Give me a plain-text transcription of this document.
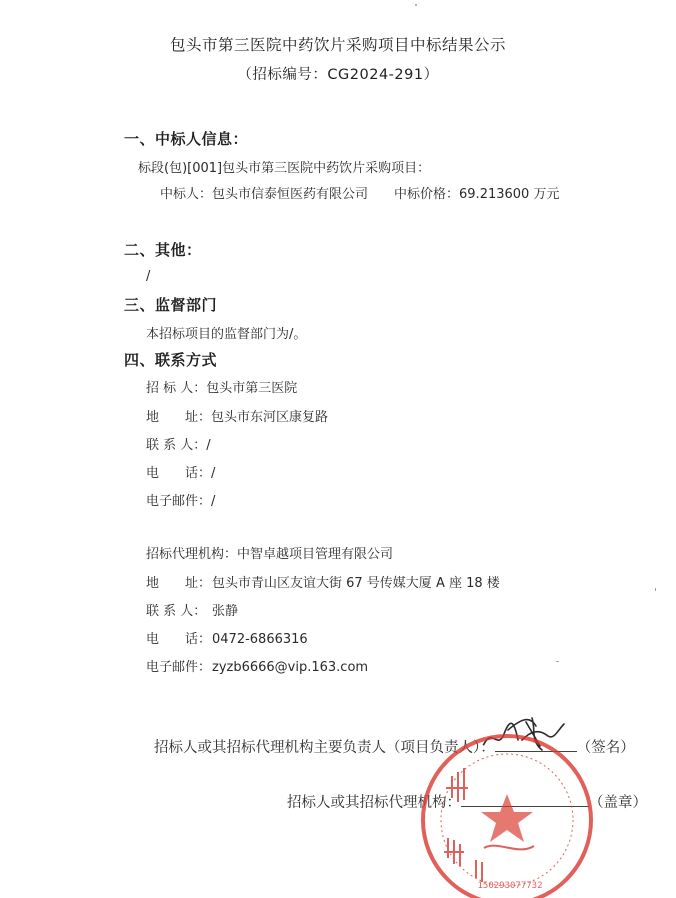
包头市第三医院中药饮片采购项目中标结果公示
（招标编号：CG2024-291）
一、中标人信息：
标段(包)[001]包头市第三医院中药饮片采购项目：
中标人：包头市信泰恒医药有限公司 中标价格：69.213600 万元
二、其他：
/
三、监督部门
本招标项目的监督部门为/。
四、联系方式
招 标 人：包头市第三医院
地　　址：包头市东河区康复路
联 系 人：/
电　　话：/
电子邮件：/
招标代理机构：中智卓越项目管理有限公司
地　　址：包头市青山区友谊大街 67 号传媒大厦 A 座 18 楼
联 系 人： 张静
电　　话：0472-6866316
电子邮件：zyzb6666@vip.163.com
招标人或其招标代理机构主要负责人（项目负责人）：	（签名）
招标人或其招标代理机构：	（盖章）
150293077732
